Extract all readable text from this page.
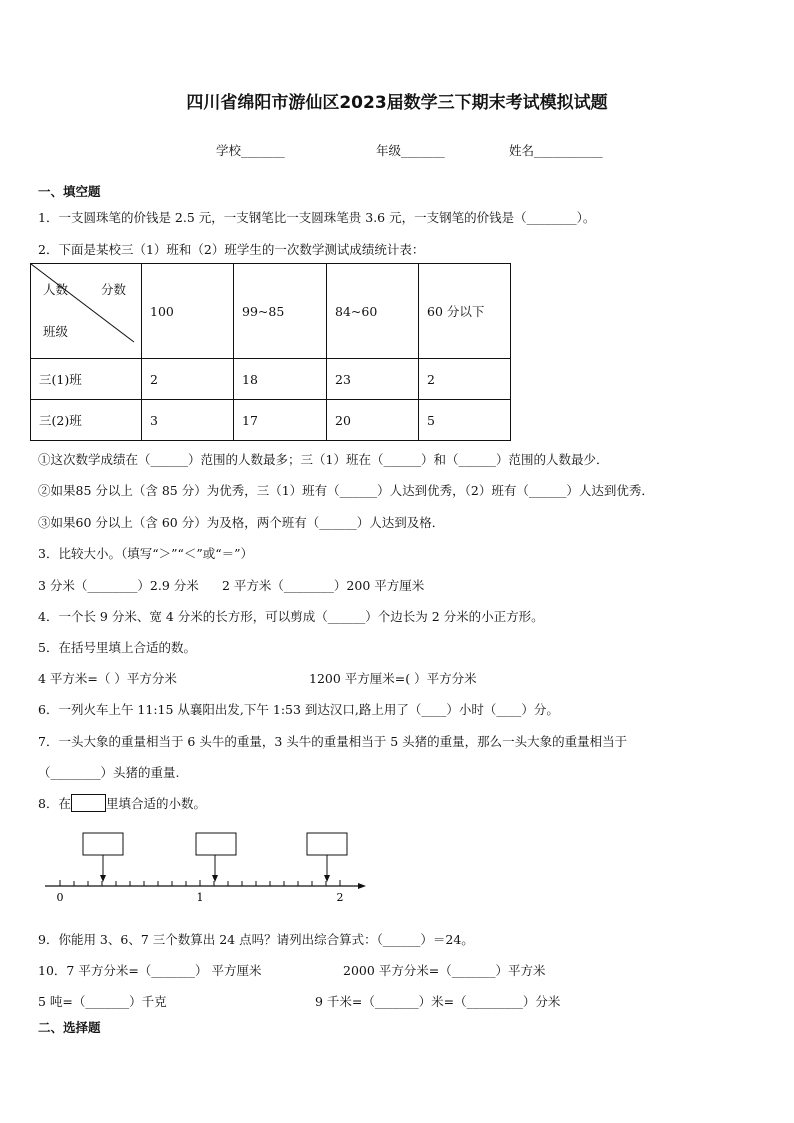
四川省绵阳市游仙区2023届数学三下期末考试模拟试题
学校_______	年级_______	姓名___________
一、填空题
1．一支圆珠笔的价钱是 2.5 元，一支钢笔比一支圆珠笔贵 3.6 元，一支钢笔的价钱是（________）。
2．下面是某校三（1）班和（2）班学生的一次数学测试成绩统计表：
人数 分数
班级	100	99~85	84~60	60 分以下
三(1)班	2	18	23	2
三(2)班	3	17	20	5
①这次数学成绩在（______）范围的人数最多；三（1）班在（______）和（______）范围的人数最少．
②如果85 分以上（含 85 分）为优秀，三（1）班有（______）人达到优秀，（2）班有（______）人达到优秀．
③如果60 分以上（含 60 分）为及格，两个班有（______）人达到及格．
3．比较大小。（填写“＞”“＜”或“＝”）
3 分米（________）2.9 分米 2 平方米（________）200 平方厘米
4．一个长 9 分米、宽 4 分米的长方形，可以剪成（______）个边长为 2 分米的小正方形。
5．在括号里填上合适的数。
4 平方米=（ ）平方分米	1200 平方厘米=( ）平方分米
6．一列火车上午 11:15 从襄阳出发,下午 1:53 到达汉口,路上用了（____）小时（____）分。
7．一头大象的重量相当于 6 头牛的重量，3 头牛的重量相当于 5 头猪的重量，那么一头大象的重量相当于
（________）头猪的重量.
8．在	里填合适的小数。
0	1	2
9．你能用 3、6、7 三个数算出 24 点吗？请列出综合算式：（______）＝24。
10．7 平方分米=（_______） 平方厘米	2000 平方分米=（_______）平方米
5 吨=（_______）千克	9 千米=（_______）米=（_________）分米
二、选择题
